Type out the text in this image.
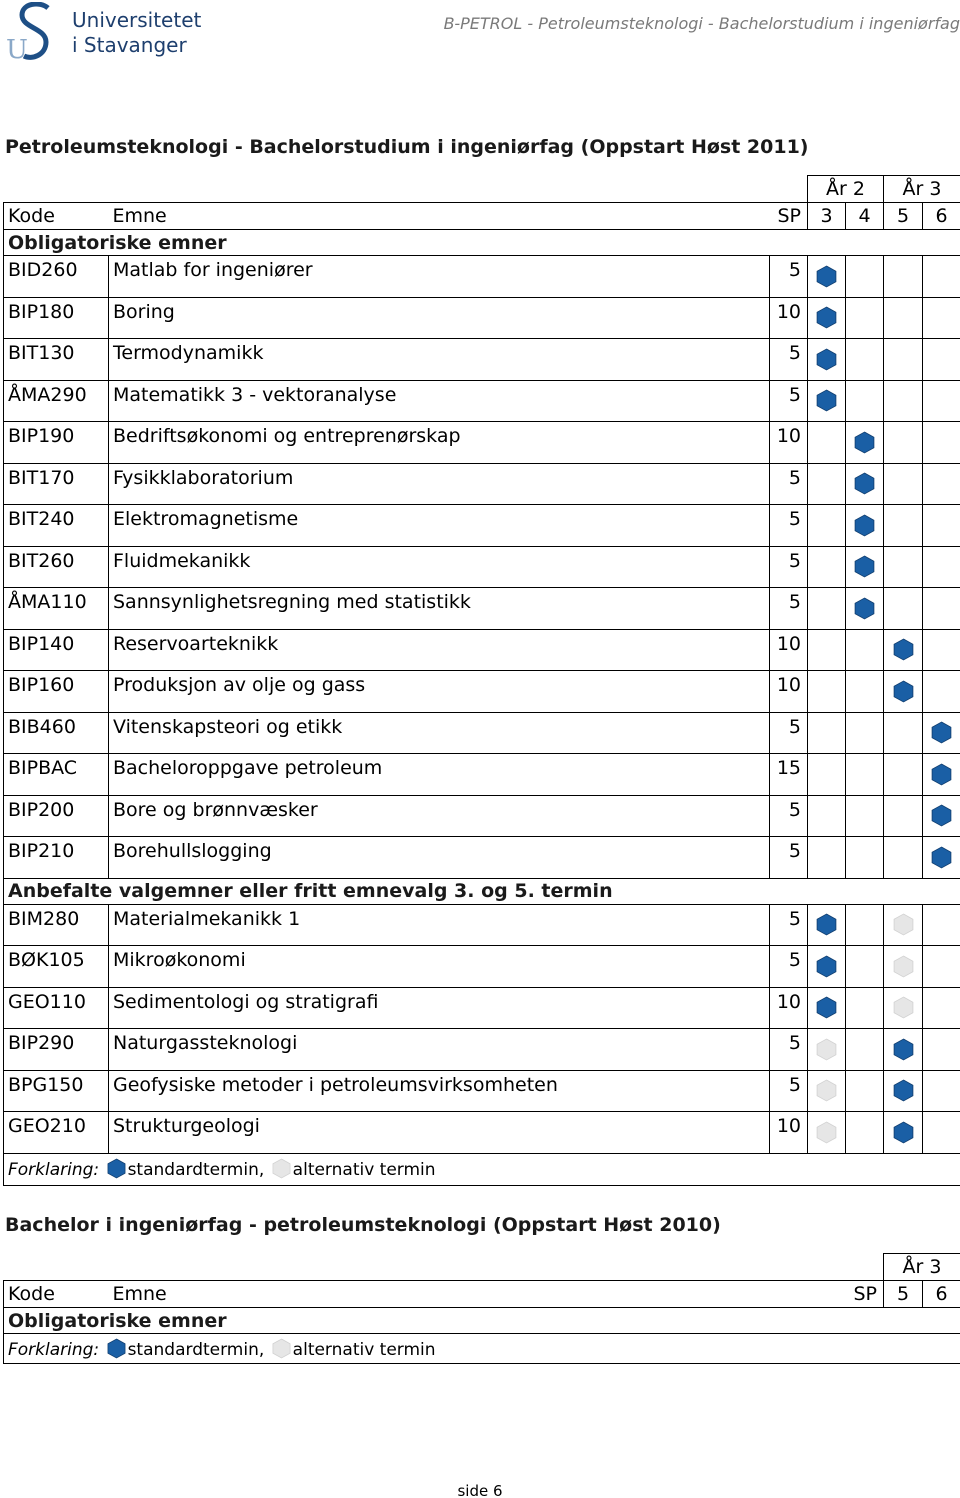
U
Universitetet
i Stavanger
B-PETROL - Petroleumsteknologi - Bachelorstudium i ingeniørfag
Petroleumsteknologi - Bachelorstudium i ingeniørfag (Oppstart Høst 2011)
			År 2		År 3	
Kode	Emne	SP	3	4	5	6
Obligatoriske emner						
BID260	Matlab for ingeniører	5				
BIP180	Boring	10				
BIT130	Termodynamikk	5				
ÅMA290	Matematikk 3 - vektoranalyse	5				
BIP190	Bedriftsøkonomi og entreprenørskap	10				
BIT170	Fysikklaboratorium	5				
BIT240	Elektromagnetisme	5				
BIT260	Fluidmekanikk	5				
ÅMA110	Sannsynlighetsregning med statistikk	5				
BIP140	Reservoarteknikk	10				
BIP160	Produksjon av olje og gass	10				
BIB460	Vitenskapsteori og etikk	5				
BIPBAC	Bacheloroppgave petroleum	15				
BIP200	Bore og brønnvæsker	5				
BIP210	Borehullslogging	5				
Anbefalte valgemner eller fritt emnevalg 3. og 5. termin						
BIM280	Materialmekanikk 1	5				
BØK105	Mikroøkonomi	5				
GEO110	Sedimentologi og stratigrafi	10				
BIP290	Naturgassteknologi	5				
BPG150	Geofysiske metoder i petroleumsvirksomheten	5				
GEO210	Strukturgeologi	10				
Forklaring: standardtermin, alternativ termin						
Bachelor i ingeniørfag - petroleumsteknologi (Oppstart Høst 2010)
			År 3	
Kode	Emne	SP	5	6
Obligatoriske emner				
Forklaring: standardtermin, alternativ termin				
side 6
